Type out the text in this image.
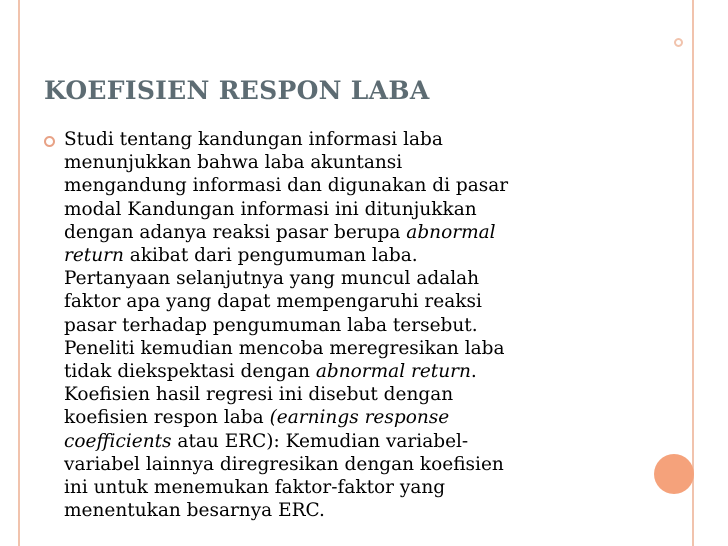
KOEFISIEN RESPON LABA

Studi tentang kandungan informasi laba
menunjukkan bahwa laba akuntansi
mengandung informasi dan digunakan di pasar
modal Kandungan informasi ini ditunjukkan
dengan adanya reaksi pasar berupa abnormal
return akibat dari pengumuman laba.
Pertanyaan selanjutnya yang muncul adalah
faktor apa yang dapat mempengaruhi reaksi
pasar terhadap pengumuman laba tersebut.
Peneliti kemudian mencoba meregresikan laba
tidak diekspektasi dengan abnormal return.
Koefisien hasil regresi ini disebut dengan
koefisien respon laba (earnings response
coefficients atau ERC): Kemudian variabel-
variabel lainnya diregresikan dengan koefisien
ini untuk menemukan faktor-faktor yang
menentukan besarnya ERC.
